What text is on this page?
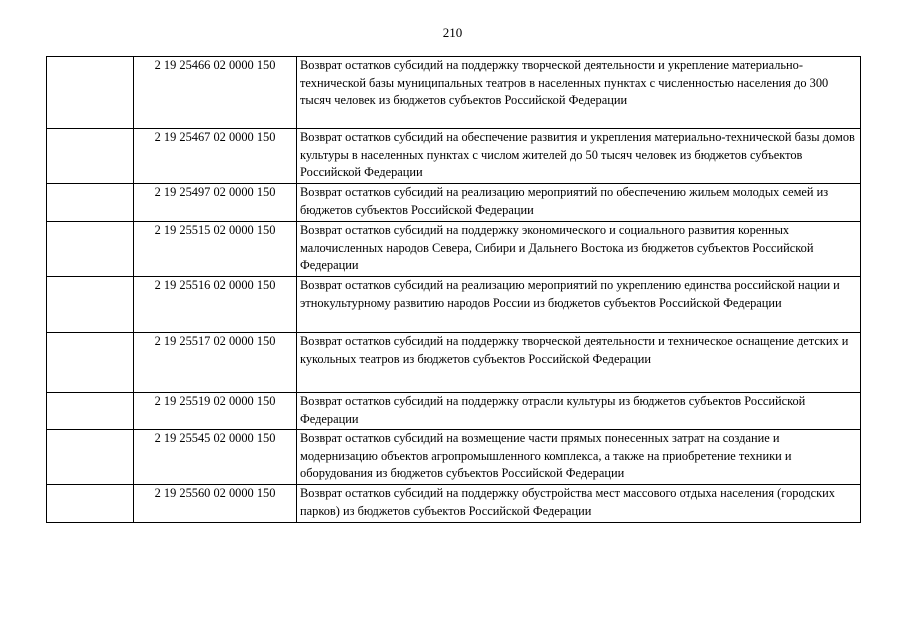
210
	2 19 25466 02 0000 150	Возврат остатков субсидий на поддержку творческой деятельности и укрепление материально-технической базы муниципальных театров в населенных пунктах с численностью населения до 300 тысяч человек из бюджетов субъектов Российской Федерации
	2 19 25467 02 0000 150	Возврат остатков субсидий на обеспечение развития и укрепления материально-технической базы домов культуры в населенных пунктах с числом жителей до 50 тысяч человек из бюджетов субъектов Российской Федерации
	2 19 25497 02 0000 150	Возврат остатков субсидий на реализацию мероприятий по обеспечению жильем молодых семей из бюджетов субъектов Российской Федерации
	2 19 25515 02 0000 150	Возврат остатков субсидий на поддержку экономического и социального развития коренных малочисленных народов Севера, Сибири и Дальнего Востока из бюджетов субъектов Российской Федерации
	2 19 25516 02 0000 150	Возврат остатков субсидий на реализацию мероприятий по укреплению единства российской нации и этнокультурному развитию народов России из бюджетов субъектов Российской Федерации
	2 19 25517 02 0000 150	Возврат остатков субсидий на поддержку творческой деятельности и техническое оснащение детских и кукольных театров из бюджетов субъектов Российской Федерации
	2 19 25519 02 0000 150	Возврат остатков субсидий на поддержку отрасли культуры из бюджетов субъектов Российской Федерации
	2 19 25545 02 0000 150	Возврат остатков субсидий на возмещение части прямых понесенных затрат на создание и модернизацию объектов агропромышленного комплекса, а также на приобретение техники и оборудования из бюджетов субъектов Российской Федерации
	2 19 25560 02 0000 150	Возврат остатков субсидий на поддержку обустройства мест массового отдыха населения (городских парков) из бюджетов субъектов Российской Федерации
